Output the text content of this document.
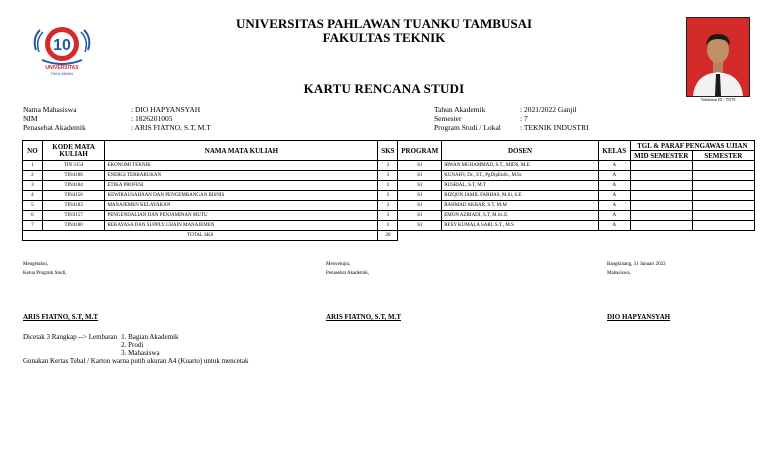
10
UNIVERSITAS
PAHLAWAN
UNIVERSITAS PAHLAWAN TUANKU TAMBUSAI
FAKULTAS TEKNIK
KARTU RENCANA STUDI
Validation ID : 79379
Nama Mahasiswa	: DIO HAPYANSYAH
NIM	: 1826201005
Penasehat Akademik	: ARIS FIATNO, S.T, M.T
Tahun Akademik	: 2021/2022 Ganjil
Semester	: 7
Program Studi / Lokal	: TEKNIK INDUSTRI
NO	KODE MATA KULIAH	NAMA MATA KULIAH	SKS	PROGRAM	DOSEN	KELAS	TGL & PARAF PENGAWAS UJIAN	
							MID SEMESTER	SEMESTER
1	TIN 3154	EKONOMI TEKNIK	3	S1	IRWAN MUHAMMAD, S.T., MIDS, M.E.	A		
2	TIN4186	ENERGI TERBARUKAN	3	S1	KUNAIFI, Dr., ST., PgDipEnSt., M.Sc	A		
3	TIN4184	ETIKA PROFESI	2	S1	RUSRIAL, S.T, M.T	A		
4	TIN4156	KEWIRAUSAHAAN DAN PENGEMBANGAN BISNIS	3	S1	RIZQON JAMIL FARHAS, M.Si, S.E	A		
5	TIN4183	MANAJEMEN KELAYAKAN	3	S1	RAHMAD AKBAR, S.T, M.M	A		
6	TIN3157	PENGENDALIAN DAN PENJAMINAN MUTU	3	S1	EMON AZRIADI, S.T, M.Sc.E.	A		
7	TIN4180	REKAYASA DAN SUPPLY CHAIN MANAJEMEN	3	S1	RESY KUMALA SARI, S.T., M.S	A		
TOTAL SKS			20					
Mengetahui,
Ketua Program Studi,
Menyetujui,
Penasehat Akademik,
Bangkinang, 31 Januari 2022
Mahasiswa,
ARIS FIATNO, S.T, M.T	ARIS FIATNO, S.T, M.T	DIO HAPYANSYAH
Dicetak 3 Rangkap --> Lembaran 1. Bagian Akademik
2. Prodi
3. Mahasiswa
Gunakan Kertas Tebal / Karton warna putih ukuran A4 (Kuarto) untuk mencetak
